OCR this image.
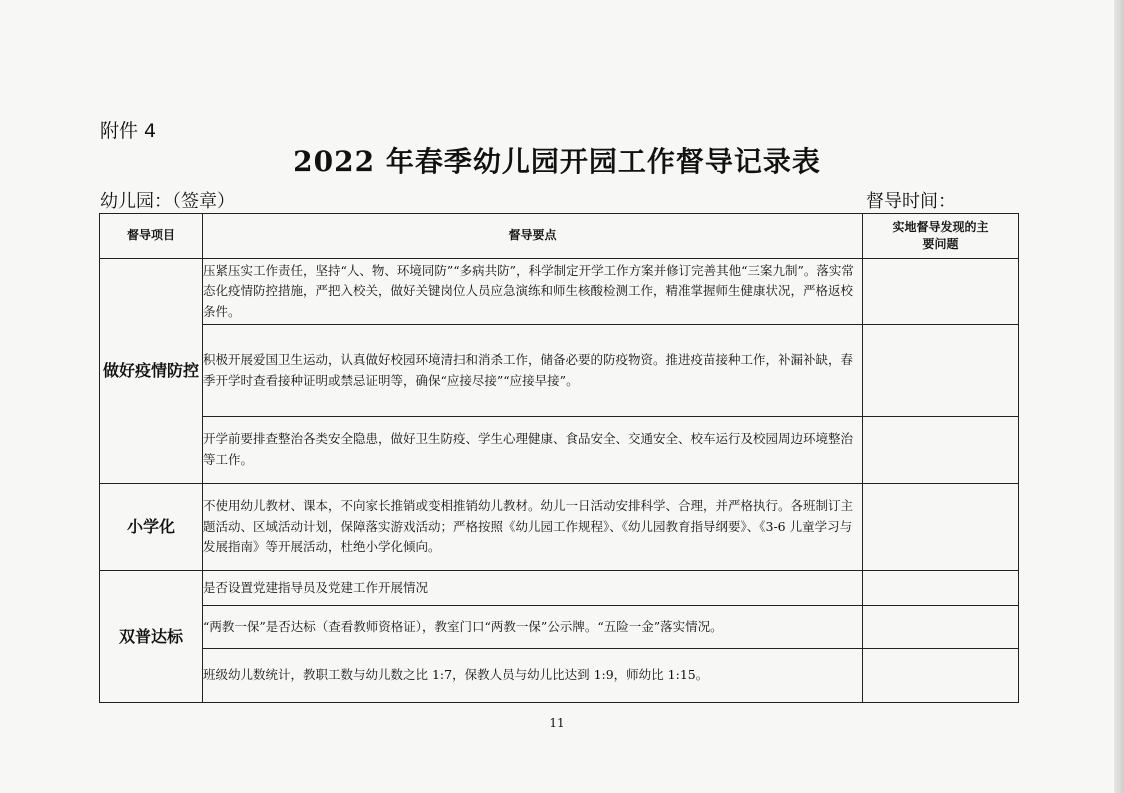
附件 4
2022 年春季幼儿园开园工作督导记录表
幼儿园：（签章）	督导时间：
督导项目	督导要点	实地督导发现的主要问题

做好疫情防控	压紧压实工作责任，坚持“人、物、环境同防”“多病共防”，科学制定开学工作方案并修订完善其他“三案九制”。落实常态化疫情防控措施，严把入校关，做好关键岗位人员应急演练和师生核酸检测工作，精准掌握师生健康状况，严格返校条件。	
	积极开展爱国卫生运动，认真做好校园环境清扫和消杀工作，储备必要的防疫物资。推进疫苗接种工作，补漏补缺，春季开学时查看接种证明或禁忌证明等，确保“应接尽接”“应接早接”。	
	开学前要排查整治各类安全隐患，做好卫生防疫、学生心理健康、食品安全、交通安全、校车运行及校园周边环境整治等工作。	
小学化	不使用幼儿教材、课本，不向家长推销或变相推销幼儿教材。幼儿一日活动安排科学、合理，并严格执行。各班制订主题活动、区域活动计划，保障落实游戏活动；严格按照《幼儿园工作规程》、《幼儿园教育指导纲要》、《3-6 儿童学习与发展指南》等开展活动，杜绝小学化倾向。	
双普达标	是否设置党建指导员及党建工作开展情况	
	“两教一保”是否达标（查看教师资格证），教室门口“两教一保”公示牌。“五险一金”落实情况。	
	班级幼儿数统计，教职工数与幼儿数之比 1:7，保教人员与幼儿比达到 1:9，师幼比 1:15。	
11
